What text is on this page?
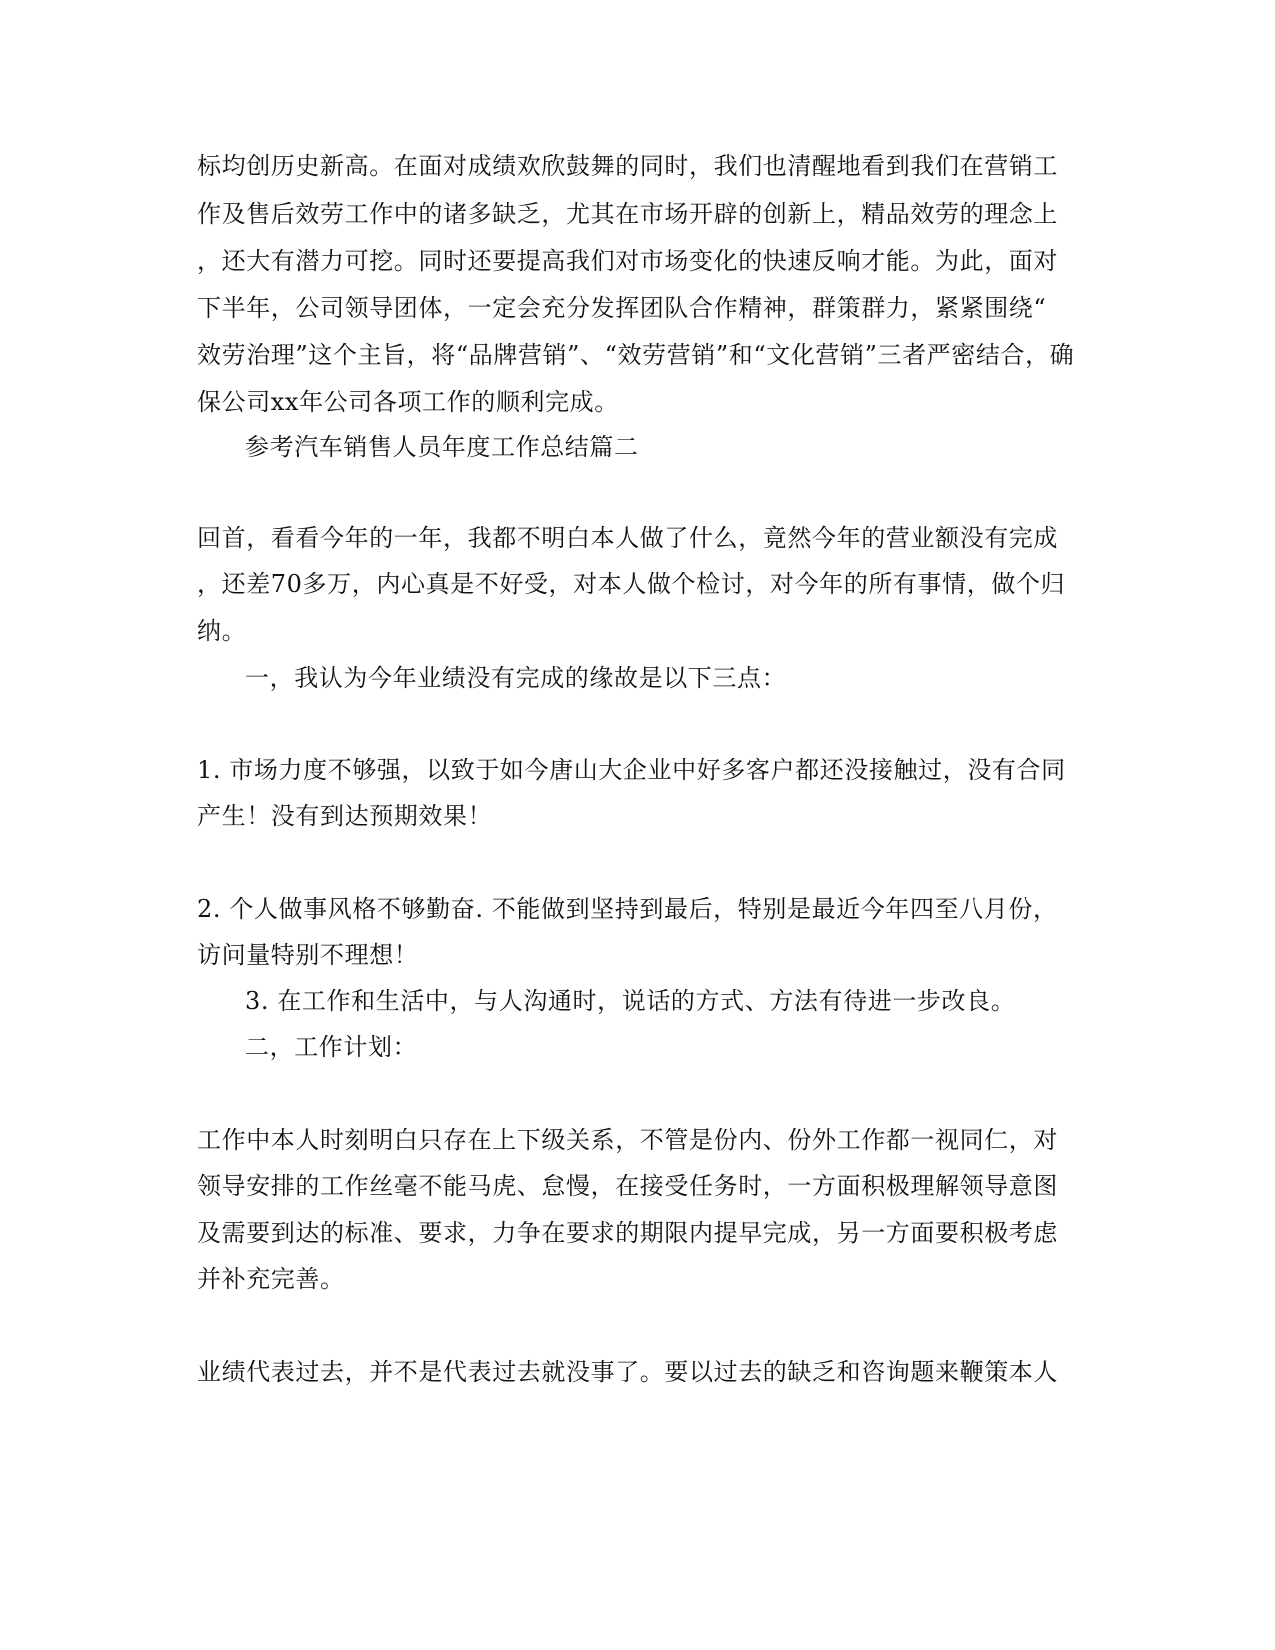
标均创历史新高。在面对成绩欢欣鼓舞的同时，我们也清醒地看到我们在营销工

作及售后效劳工作中的诸多缺乏，尤其在市场开辟的创新上，精品效劳的理念上

，还大有潜力可挖。同时还要提高我们对市场变化的快速反响才能。为此，面对

下半年，公司领导团体，一定会充分发挥团队合作精神，群策群力，紧紧围绕“

效劳治理”这个主旨，将“品牌营销”、“效劳营销”和“文化营销”三者严密结合，确

保公司xx年公司各项工作的顺利完成。

参考汽车销售人员年度工作总结篇二

回首，看看今年的一年，我都不明白本人做了什么，竟然今年的营业额没有完成

，还差70多万，内心真是不好受，对本人做个检讨，对今年的所有事情，做个归

纳。

一，我认为今年业绩没有完成的缘故是以下三点：

1. 市场力度不够强，以致于如今唐山大企业中好多客户都还没接触过，没有合同

产生！没有到达预期效果！

2. 个人做事风格不够勤奋. 不能做到坚持到最后，特别是最近今年四至八月份，

访问量特别不理想！

3. 在工作和生活中，与人沟通时，说话的方式、方法有待进一步改良。

二，工作计划：

工作中本人时刻明白只存在上下级关系，不管是份内、份外工作都一视同仁，对

领导安排的工作丝毫不能马虎、怠慢，在接受任务时，一方面积极理解领导意图

及需要到达的标准、要求，力争在要求的期限内提早完成，另一方面要积极考虑

并补充完善。

业绩代表过去，并不是代表过去就没事了。要以过去的缺乏和咨询题来鞭策本人
